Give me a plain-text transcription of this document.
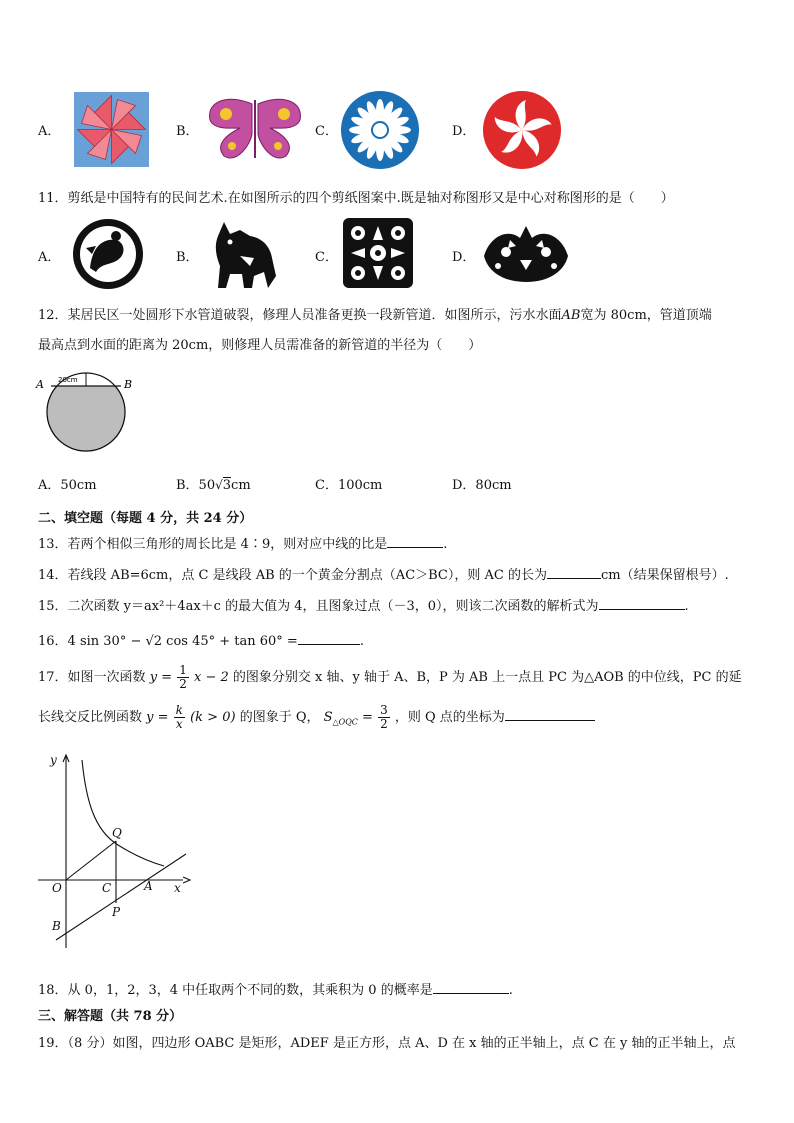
A．	B．	C．	D．
11．剪纸是中国特有的民间艺术.在如图所示的四个剪纸图案中.既是轴对称图形又是中心对称图形的是（　　）
A．	B．	C．	D．
12．某居民区一处圆形下水管道破裂，修理人员准备更换一段新管道．如图所示，污水水面AB宽为 80cm，管道顶端
最高点到水面的距离为 20cm，则修理人员需准备的新管道的半径为（　　）
A	B
20cm
A．50cm	B．50√3cm	C．100cm	D．80cm
二、填空题（每题 4 分，共 24 分）
13．若两个相似三角形的周长比是 4∶9，则对应中线的比是	.
14．若线段 AB=6cm，点 C 是线段 AB 的一个黄金分割点（AC＞BC），则 AC 的长为	cm（结果保留根号）.
15．二次函数 y＝ax²＋4ax＋c 的最大值为 4，且图象过点（－3，0），则该二次函数的解析式为	.
16．4 sin 30° − √2 cos 45° + tan 60° =	.
17．如图一次函数 $y = \frac{1}{2}$ x − 2 的图象分别交 x 轴、y 轴于 A、B，P 为 AB 上一点且 PC 为△AOB 的中位线，PC 的延
长线交反比例函数 $y = \frac{k}{x} (k > 0)$ 的图象于 Q， $S_{\triangle OQC} = \frac{3}{2}$ ，则 Q 点的坐标为
y
x
O
Q
C	A
P
B
18．从 0，1，2，3，4 中任取两个不同的数，其乘积为 0 的概率是	.
三、解答题（共 78 分）
19．（8 分）如图，四边形 OABC 是矩形，ADEF 是正方形，点 A、D 在 x 轴的正半轴上，点 C 在 y 轴的正半轴上，点
